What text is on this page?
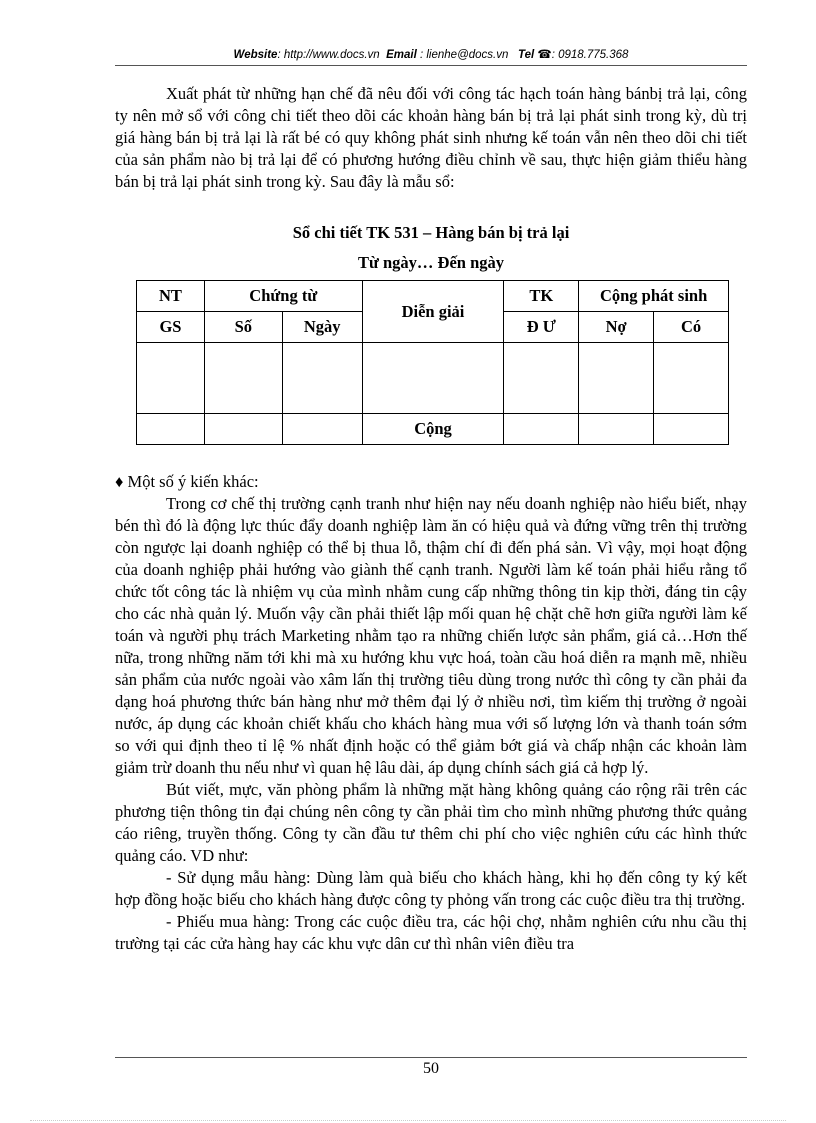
Website: http://www.docs.vn Email : lienhe@docs.vn Tel ☎: 0918.775.368

Xuất phát từ những hạn chế đã nêu đối với công tác hạch toán hàng bánbị trả lại, công ty nên mở sổ với công chi tiết theo dõi các khoản hàng bán bị trả lại phát sinh trong kỳ, dù trị giá hàng bán bị trả lại là rất bé có quy không phát sinh nhưng kế toán vẫn nên theo dõi chi tiết của sản phẩm nào bị trả lại để có phương hướng điều chỉnh về sau, thực hiện giảm thiểu hàng bán bị trả lại phát sinh trong kỳ. Sau đây là mẫu sổ:

Sổ chi tiết TK 531 – Hàng bán bị trả lại

Từ ngày… Đến ngày

NT	Chứng từ		Diễn giải	TK	Cộng phát sinh	
GS	Số	Ngày		Đ Ư	Nợ	Có

			Cộng			

♦ Một số ý kiến khác:

Trong cơ chế thị trường cạnh tranh như hiện nay nếu doanh nghiệp nào hiểu biết, nhạy bén thì đó là động lực thúc đẩy doanh nghiệp làm ăn có hiệu quả và đứng vững trên thị trường còn ngược lại doanh nghiệp có thể bị thua lỗ, thậm chí đi đến phá sản. Vì vậy, mọi hoạt động của doanh nghiệp phải hướng vào giành thế cạnh tranh. Người làm kế toán phải hiểu rằng tổ chức tốt công tác là nhiệm vụ của mình nhằm cung cấp những thông tin kịp thời, đáng tin cậy cho các nhà quản lý. Muốn vậy cần phải thiết lập mối quan hệ chặt chẽ hơn giữa người làm kế toán và người phụ trách Marketing nhằm tạo ra những chiến lược sản phẩm, giá cả…Hơn thế nữa, trong những năm tới khi mà xu hướng khu vực hoá, toàn cầu hoá diễn ra mạnh mẽ, nhiều sản phẩm của nước ngoài vào xâm lấn thị trường tiêu dùng trong nước thì công ty cần phải đa dạng hoá phương thức bán hàng như mở thêm đại lý ở nhiều nơi, tìm kiếm thị trường ở ngoài nước, áp dụng các khoản chiết khấu cho khách hàng mua với số lượng lớn và thanh toán sớm so với qui định theo tỉ lệ % nhất định hoặc có thể giảm bớt giá và chấp nhận các khoản làm giảm trừ doanh thu nếu như vì quan hệ lâu dài, áp dụng chính sách giá cả hợp lý.

Bút viết, mực, văn phòng phẩm là những mặt hàng không quảng cáo rộng rãi trên các phương tiện thông tin đại chúng nên công ty cần phải tìm cho mình những phương thức quảng cáo riêng, truyền thống. Công ty cần đầu tư thêm chi phí cho việc nghiên cứu các hình thức quảng cáo. VD như:

- Sử dụng mẫu hàng: Dùng làm quà biếu cho khách hàng, khi họ đến công ty ký kết hợp đồng hoặc biếu cho khách hàng được công ty phỏng vấn trong các cuộc điều tra thị trường.

- Phiếu mua hàng: Trong các cuộc điều tra, các hội chợ, nhằm nghiên cứu nhu cầu thị trường tại các cửa hàng hay các khu vực dân cư thì nhân viên điều tra

50
